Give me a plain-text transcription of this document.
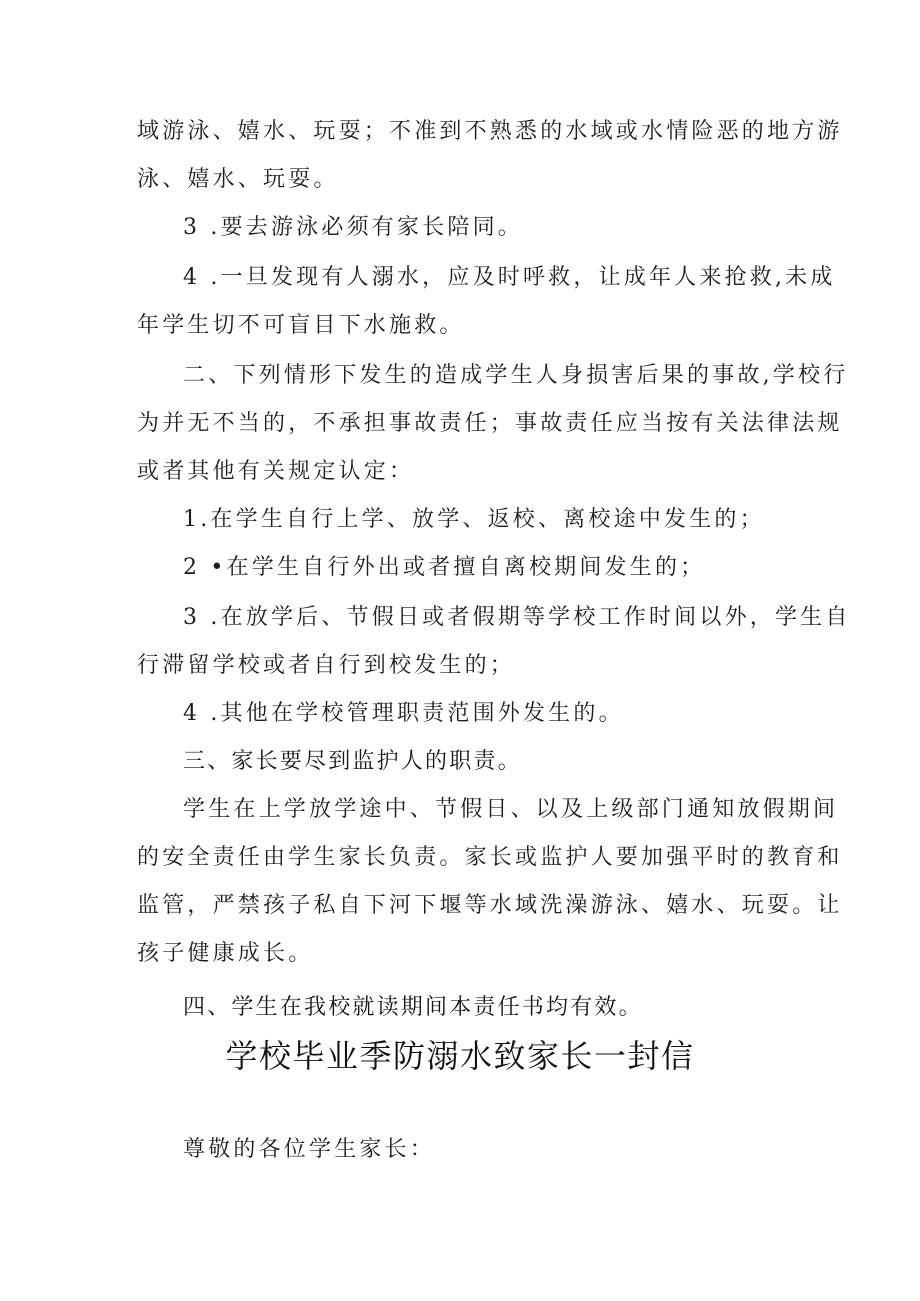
域游泳、嬉水、玩耍；不准到不熟悉的水域或水情险恶的地方游
泳、嬉水、玩耍。
3 .要去游泳必须有家长陪同。
4 .一旦发现有人溺水，应及时呼救，让成年人来抢救,未成
年学生切不可盲目下水施救。
二、下列情形下发生的造成学生人身损害后果的事故,学校行
为并无不当的，不承担事故责任；事故责任应当按有关法律法规
或者其他有关规定认定：
1.在学生自行上学、放学、返校、离校途中发生的；
2 •在学生自行外出或者擅自离校期间发生的；
3 .在放学后、节假日或者假期等学校工作时间以外，学生自
行滞留学校或者自行到校发生的；
4 .其他在学校管理职责范围外发生的。
三、家长要尽到监护人的职责。
学生在上学放学途中、节假日、以及上级部门通知放假期间
的安全责任由学生家长负责。家长或监护人要加强平时的教育和
监管，严禁孩子私自下河下堰等水域洗澡游泳、嬉水、玩耍。让
孩子健康成长。
四、学生在我校就读期间本责任书均有效。
学校毕业季防溺水致家长一封信
尊敬的各位学生家长：
